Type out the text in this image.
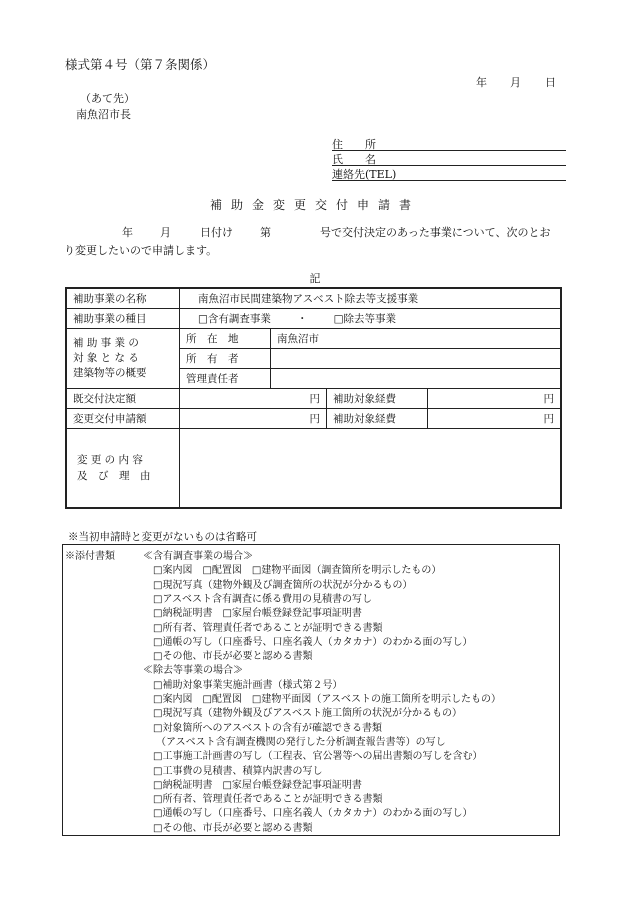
様式第４号（第７条関係）
年 月 日
（あて先）
南魚沼市長
住　　所
氏　　名
連絡先(TEL)
補助金変更交付申請書
年 月	日付け 第	号で交付決定のあった事業について、次のとお
り変更したいので申請します。
記
補助事業の名称	南魚沼市民間建築物アスベスト除去等支援事業			
補助事業の種目	□含有調査事業 ・ □除去等事業			

補 助 事 業 の
対 象 と な る
建築物等の概要	所　在　地	南魚沼市		
	所　有　者			
	管理責任者			
既交付決定額	円		補助対象経費	円
変更交付申請額	円		補助対象経費	円

変 更 の 内 容
及　び　理　由				

※当初申請時と変更がないものは省略可
※添付書類	≪含有調査事業の場合≫
□案内図　□配置図　□建物平面図（調査箇所を明示したもの）
□現況写真（建物外観及び調査箇所の状況が分かるもの）
□アスベスト含有調査に係る費用の見積書の写し
□納税証明書　□家屋台帳登録登記事項証明書
□所有者、管理責任者であることが証明できる書類
□通帳の写し（口座番号、口座名義人（カタカナ）のわかる面の写し）
□その他、市長が必要と認める書類
≪除去等事業の場合≫
□補助対象事業実施計画書（様式第２号）
□案内図　□配置図　□建物平面図（アスベストの施工箇所を明示したもの）
□現況写真（建物外観及びアスベスト施工箇所の状況が分かるもの）
□対象箇所へのアスベストの含有が確認できる書類
（アスベスト含有調査機関の発行した分析調査報告書等）の写し
□工事施工計画書の写し（工程表、官公署等への届出書類の写しを含む）
□工事費の見積書、積算内訳書の写し
□納税証明書　□家屋台帳登録登記事項証明書
□所有者、管理責任者であることが証明できる書類
□通帳の写し（口座番号、口座名義人（カタカナ）のわかる面の写し）
□その他、市長が必要と認める書類
